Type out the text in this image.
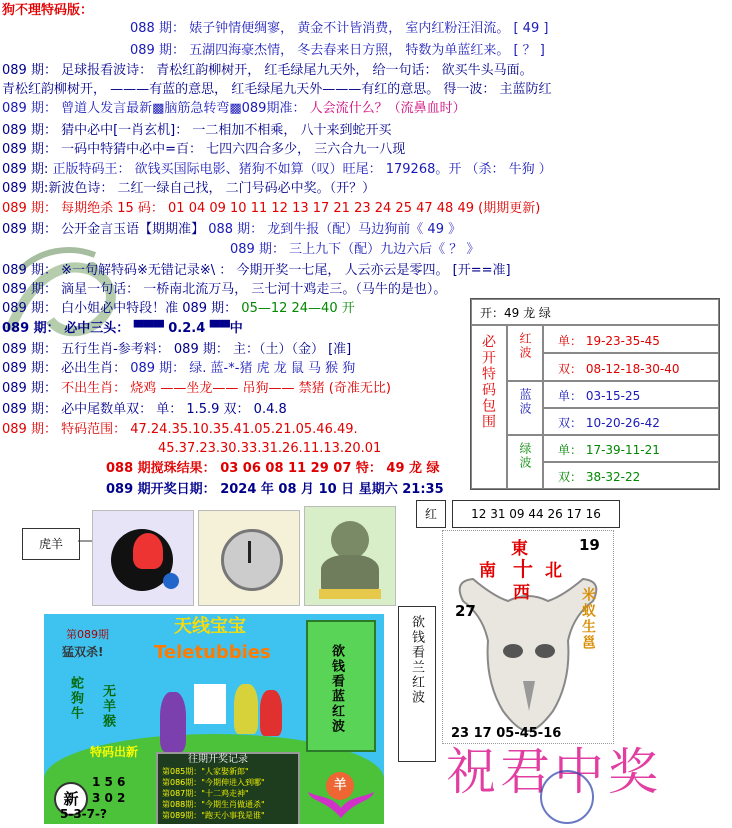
狗不理特码版：
088 期： 婊子钟情便绸寥， 黄金不计皆消费， 室内红粉汪泪流。 [ 49 ]
089 期： 五湖四海豪杰情， 冬去春来日方照， 特数为单蓝红来。 [ ？ ]
089 期： 足球报看波诗： 青松红韵柳树开， 红毛绿尾九天外， 给一句话： 欲买牛头马面。
青松红韵柳树开， ———有蓝的意思， 红毛绿尾九天外———有红的意思。 得一波： 主蓝防红
089 期： 曾道人发言最新▩脑筋急转弯▩089期准： 人会流什么？（流鼻血时）
089 期： 猜中必中[一肖玄机]： 一二相加不相乘， 八十来到蛇开买
089 期： 一码中特猜中必中=百： 七四六四合多少， 三六合九一八现
089 期: 正版特码王： 欲钱买国际电影、猪狗不如算（叹）旺尾： 179268。开 （杀： 牛狗 ）
089 期:新波色诗： 二红一绿自己找， 二门号码必中奖。（开？）
089 期： 每期绝杀 15 码： 01 04 09 10 11 12 13 17 21 23 24 25 47 48 49 (期期更新)
089 期： 公开金言玉语【期期准】 088 期： 龙到牛报（配）马边狗前《 49 》
089 期： 三上九下（配）九边六后《 ？ 》
089 期： ※一句解特码※无错记录※\ ： 今期开奖一七尾， 人云亦云是零四。 [开==准]
089 期： 滴星一句话： 一桥南北流万马， 三七河十鸡走三。（马牛的是也）。
089 期： 白小姐必中特段！准 089 期： 05—12 24—40 开
089 期： 必中三头： ▀▀▀ 0.2.4 ▀▀中
089 期： 五行生肖-参考料： 089 期： 主：（土）（金） [准]
089 期： 必出生肖： 089 期： 绿. 蓝-*-猪 虎 龙 鼠 马 猴 狗
089 期： 不出生肖： 烧鸡 ——坐龙—— 吊狗—— 禁猪 (奇准无比)
089 期： 必中尾数单双： 单： 1.5.9 双： 0.4.8
089 期： 特码范围： 47.24.35.10.35.41.05.21.05.46.49.
45.37.23.30.33.31.26.11.13.20.01
088 期搅珠结果： 03 06 08 11 29 07 特： 49 龙 绿
089 期开奖日期： 2024 年 08 月 10 日 星期六 21:35
开：49 龙 绿
必开特码包围	红波	单： 19-23-35-45
双： 08-12-18-30-40
蓝波	单： 03-15-25
双： 10-20-26-42
绿波	单： 17-39-11-21
双： 38-32-22
虎羊
红	12 31 09 44 26 17 16
東
南 十 北
西
19
27	米蚁生邕
23 17 05-45-16
欲钱看兰红波
第089期	天线宝宝
Teletubbies
猛双杀!
蛇狗牛 无羊猴
特码出新
欲钱看蓝红波
新
1 5 6
3 0 2
5-3-7-?
往期开奖记录
第085期："人家娶新郎"
第086期："今期伸进入到哪"
第087期："十二鸡走神"
第088期："今期生肖做通杀"
第089期："跑天小事我是谁"
羊 祝君中奖
